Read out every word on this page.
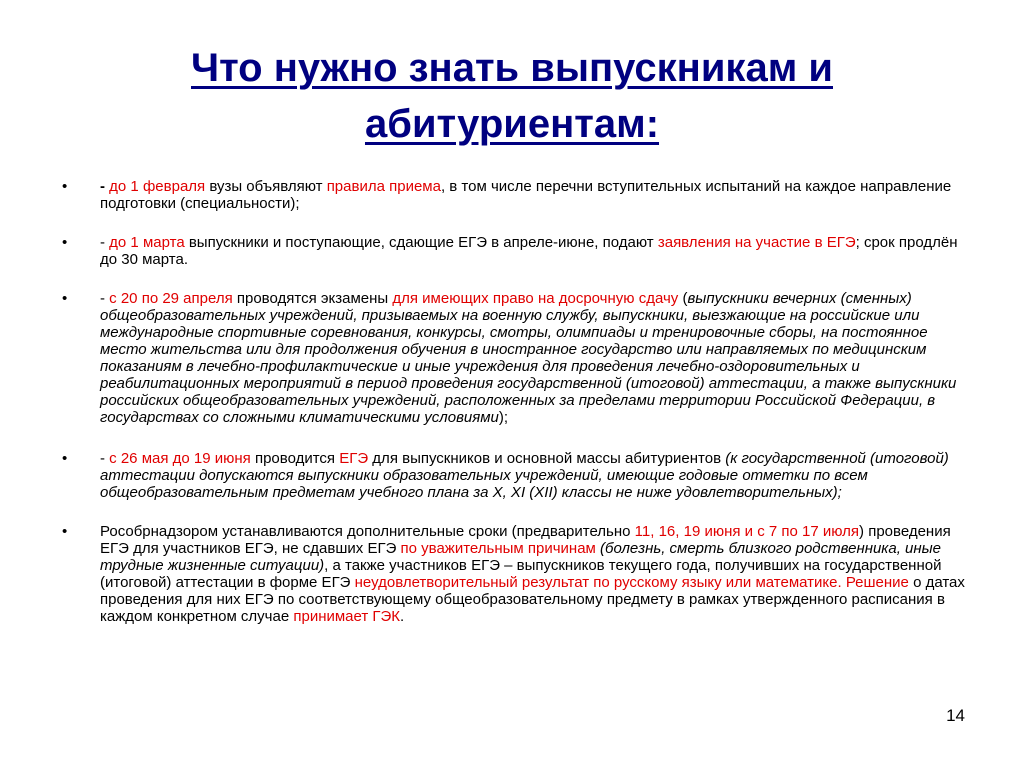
Что нужно знать выпускникам и
абитуриентам:
• - до 1 февраля вузы объявляют правила приема, в том числе перечни вступительных испытаний на каждое направление подготовки (специальности);
• - до 1 марта выпускники и поступающие, сдающие ЕГЭ в апреле-июне, подают заявления на участие в ЕГЭ; срок продлён до 30 марта.
• - с 20 по 29 апреля проводятся экзамены для имеющих право на досрочную сдачу (выпускники вечерних (сменных) общеобразовательных учреждений, призываемых на военную службу, выпускники, выезжающие на российские или международные спортивные соревнования, конкурсы, смотры, олимпиады и тренировочные сборы, на постоянное место жительства или для продолжения обучения в иностранное государство или направляемых по медицинским показаниям в лечебно-профилактические и иные учреждения для проведения лечебно-оздоровительных и реабилитационных мероприятий в период проведения государственной (итоговой) аттестации, а также выпускники российских общеобразовательных учреждений, расположенных за пределами территории Российской Федерации, в государствах со сложными климатическими условиями);
• - с 26 мая до 19 июня проводится ЕГЭ для выпускников и основной массы абитуриентов (к государственной (итоговой) аттестации допускаются выпускники образовательных учреждений, имеющие годовые отметки по всем общеобразовательным предметам учебного плана за X, XI (XII) классы не ниже удовлетворительных);
• Рособрнадзором устанавливаются дополнительные сроки (предварительно 11, 16, 19 июня и с 7 по 17 июля) проведения ЕГЭ для участников ЕГЭ, не сдавших ЕГЭ по уважительным причинам (болезнь, смерть близкого родственника, иные трудные жизненные ситуации), а также участников ЕГЭ – выпускников текущего года, получивших на государственной (итоговой) аттестации в форме ЕГЭ неудовлетворительный результат по русскому языку или математике. Решение о датах проведения для них ЕГЭ по соответствующему общеобразовательному предмету в рамках утвержденного расписания в каждом конкретном случае принимает ГЭК.
14
